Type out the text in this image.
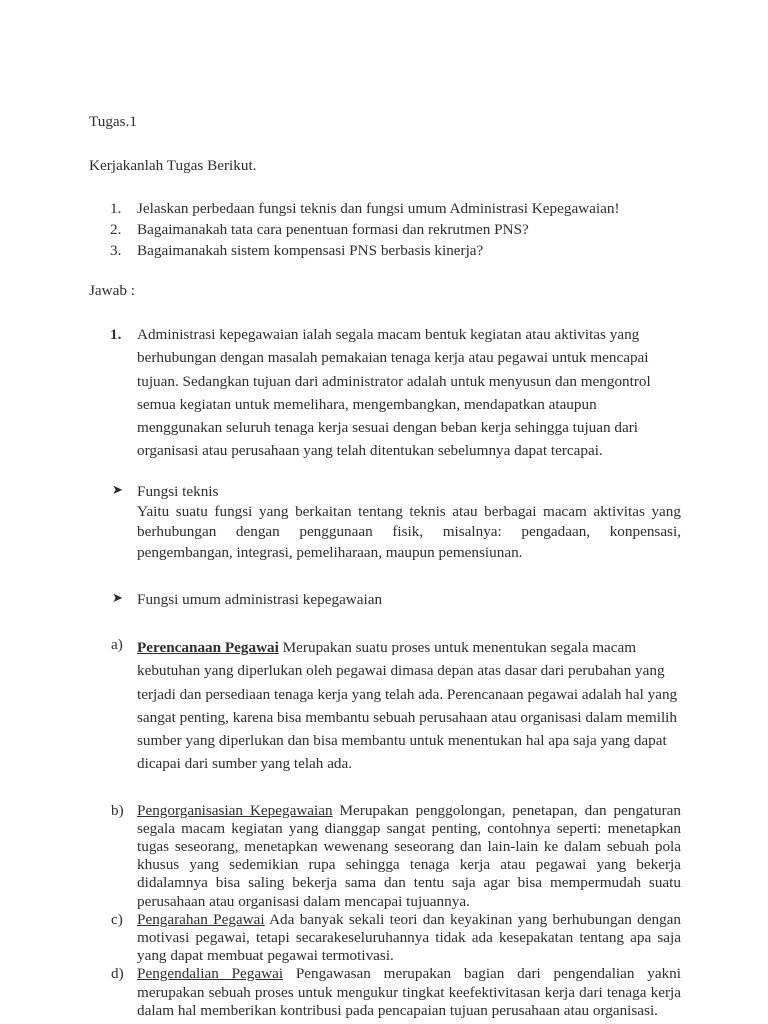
Tugas.1
Kerjakanlah Tugas Berikut.
1.	Jelaskan perbedaan fungsi teknis dan fungsi umum Administrasi Kepegawaian!
2.	Bagaimanakah tata cara penentuan formasi dan rekrutmen PNS?
3.	Bagaimanakah sistem kompensasi PNS berbasis kinerja?
Jawab :
1. Administrasi kepegawaian ialah segala macam bentuk kegiatan atau aktivitas yang berhubungan dengan masalah pemakaian tenaga kerja atau pegawai untuk mencapai tujuan. Sedangkan tujuan dari administrator adalah untuk menyusun dan mengontrol semua kegiatan untuk memelihara, mengembangkan, mendapatkan ataupun menggunakan seluruh tenaga kerja sesuai dengan beban kerja sehingga tujuan dari organisasi atau perusahaan yang telah ditentukan sebelumnya dapat tercapai.
➤ Fungsi teknis
Yaitu suatu fungsi yang berkaitan tentang teknis atau berbagai macam aktivitas yang berhubungan dengan penggunaan fisik, misalnya: pengadaan, konpensasi, pengembangan, integrasi, pemeliharaan, maupun pemensiunan.
➤ Fungsi umum administrasi kepegawaian
a) Perencanaan Pegawai Merupakan suatu proses untuk menentukan segala macam kebutuhan yang diperlukan oleh pegawai dimasa depan atas dasar dari perubahan yang terjadi dan persediaan tenaga kerja yang telah ada. Perencanaan pegawai adalah hal yang sangat penting, karena bisa membantu sebuah perusahaan atau organisasi dalam memilih sumber yang diperlukan dan bisa membantu untuk menentukan hal apa saja yang dapat dicapai dari sumber yang telah ada.
b) Pengorganisasian Kepegawaian Merupakan penggolongan, penetapan, dan pengaturan segala macam kegiatan yang dianggap sangat penting, contohnya seperti: menetapkan tugas seseorang, menetapkan wewenang seseorang dan lain-lain ke dalam sebuah pola khusus yang sedemikian rupa sehingga tenaga kerja atau pegawai yang bekerja didalamnya bisa saling bekerja sama dan tentu saja agar bisa mempermudah suatu perusahaan atau organisasi dalam mencapai tujuannya.
c) Pengarahan Pegawai Ada banyak sekali teori dan keyakinan yang berhubungan dengan motivasi pegawai, tetapi secarakeseluruhannya tidak ada kesepakatan tentang apa saja yang dapat membuat pegawai termotivasi.
d) Pengendalian Pegawai Pengawasan merupakan bagian dari pengendalian yakni merupakan sebuah proses untuk mengukur tingkat keefektivitasan kerja dari tenaga kerja dalam hal memberikan kontribusi pada pencapaian tujuan perusahaan atau organisasi.
